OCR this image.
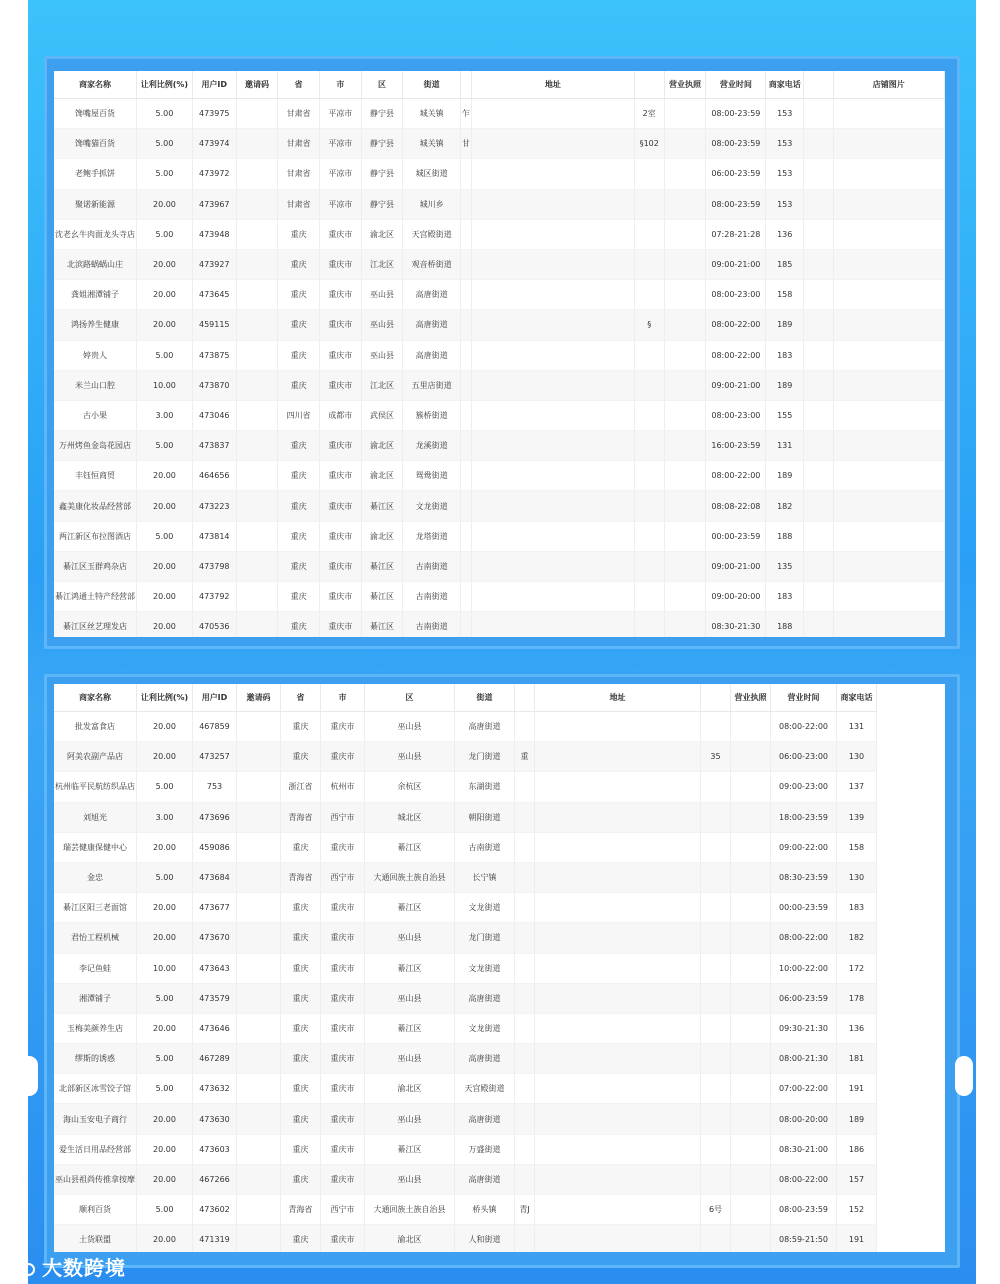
商家名称	让利比例(%)	用户ID	邀请码	省	市	区	街道		地址		营业执照	营业时间	商家电话		店铺图片
馋嘴屋百货	5.00	473975		甘肃省	平凉市	静宁县	城关镇	乍		2室		08:00-23:59	153		
馋嘴猫百货	5.00	473974		甘肃省	平凉市	静宁县	城关镇	甘		§102		08:00-23:59	153		
老鲍手抓饼	5.00	473972		甘肃省	平凉市	静宁县	城区街道					06:00-23:59	153		
聚诺新能源	20.00	473967		甘肃省	平凉市	静宁县	城川乡					08:00-23:59	153		
沈老幺牛肉面龙头寺店	5.00	473948		重庆	重庆市	渝北区	天宫殿街道					07:28-21:28	136		
北滨路蜗蜗山庄	20.00	473927		重庆	重庆市	江北区	观音桥街道					09:00-21:00	185		
龚姐湘潭铺子	20.00	473645		重庆	重庆市	巫山县	高唐街道					08:00-23:00	158		
鸿扬养生健康	20.00	459115		重庆	重庆市	巫山县	高唐街道			§		08:00-22:00	189		
婷贵人	5.00	473875		重庆	重庆市	巫山县	高唐街道					08:00-22:00	183		
米兰山口腔	10.00	473870		重庆	重庆市	江北区	五里店街道					09:00-21:00	189		
古小果	3.00	473046		四川省	成都市	武侯区	簇桥街道					08:00-23:00	155		
万州烤鱼金岛花园店	5.00	473837		重庆	重庆市	渝北区	龙溪街道					16:00-23:59	131		
丰钰恒商贸	20.00	464656		重庆	重庆市	渝北区	鸳鸯街道					08:00-22:00	189		
鑫美康化妆品经营部	20.00	473223		重庆	重庆市	綦江区	文龙街道					08:08-22:08	182		
两江新区布拉图酒店	5.00	473814		重庆	重庆市	渝北区	龙塔街道					00:00-23:59	188		
綦江区玉群鸡杂店	20.00	473798		重庆	重庆市	綦江区	古南街道					09:00-21:00	135		
綦江鸿通土特产经营部	20.00	473792		重庆	重庆市	綦江区	古南街道					09:00-20:00	183		
綦江区丝艺理发店	20.00	470536		重庆	重庆市	綦江区	古南街道					08:30-21:30	188		

商家名称	让利比例(%)	用户ID	邀请码	省	市	区	街道		地址		营业执照	营业时间	商家电话
批发富食店	20.00	467859		重庆	重庆市	巫山县	高唐街道					08:00-22:00	131
阿美农副产品店	20.00	473257		重庆	重庆市	巫山县	龙门街道	重		35		06:00-23:00	130
杭州临平民航纺织品店	5.00	753		浙江省	杭州市	余杭区	东湖街道					09:00-23:00	137
刘旭光	3.00	473696		青海省	西宁市	城北区	朝阳街道					18:00-23:59	139
瑞芸健康保健中心	20.00	459086		重庆	重庆市	綦江区	古南街道					09:00-22:00	158
金忠	5.00	473684		青海省	西宁市	大通回族土族自治县	长宁镇					08:30-23:59	130
綦江区阳三老面馆	20.00	473677		重庆	重庆市	綦江区	文龙街道					00:00-23:59	183
君怡工程机械	20.00	473670		重庆	重庆市	巫山县	龙门街道					08:00-22:00	182
李记鱼蛙	10.00	473643		重庆	重庆市	綦江区	文龙街道					10:00-22:00	172
湘潭铺子	5.00	473579		重庆	重庆市	巫山县	高唐街道					06:00-23:59	178
玉梅美颜养生店	20.00	473646		重庆	重庆市	綦江区	文龙街道					09:30-21:30	136
缪斯的诱惑	5.00	467289		重庆	重庆市	巫山县	高唐街道					08:00-21:30	181
北部新区冰雪饺子馆	5.00	473632		重庆	重庆市	渝北区	天宫殿街道					07:00-22:00	191
海山玉安电子商行	20.00	473630		重庆	重庆市	巫山县	高唐街道					08:00-20:00	189
爱生活日用品经营部	20.00	473603		重庆	重庆市	綦江区	万盛街道					08:30-21:00	186
巫山县祖尚传推拿按摩	20.00	467266		重庆	重庆市	巫山县	高唐街道					08:00-22:00	157
顺利百货	5.00	473602		青海省	西宁市	大通回族土族自治县	桥头镇	青J		6号		08:00-23:59	152
土货联盟	20.00	471319		重庆	重庆市	渝北区	人和街道					08:59-21:50	191

大数跨境
